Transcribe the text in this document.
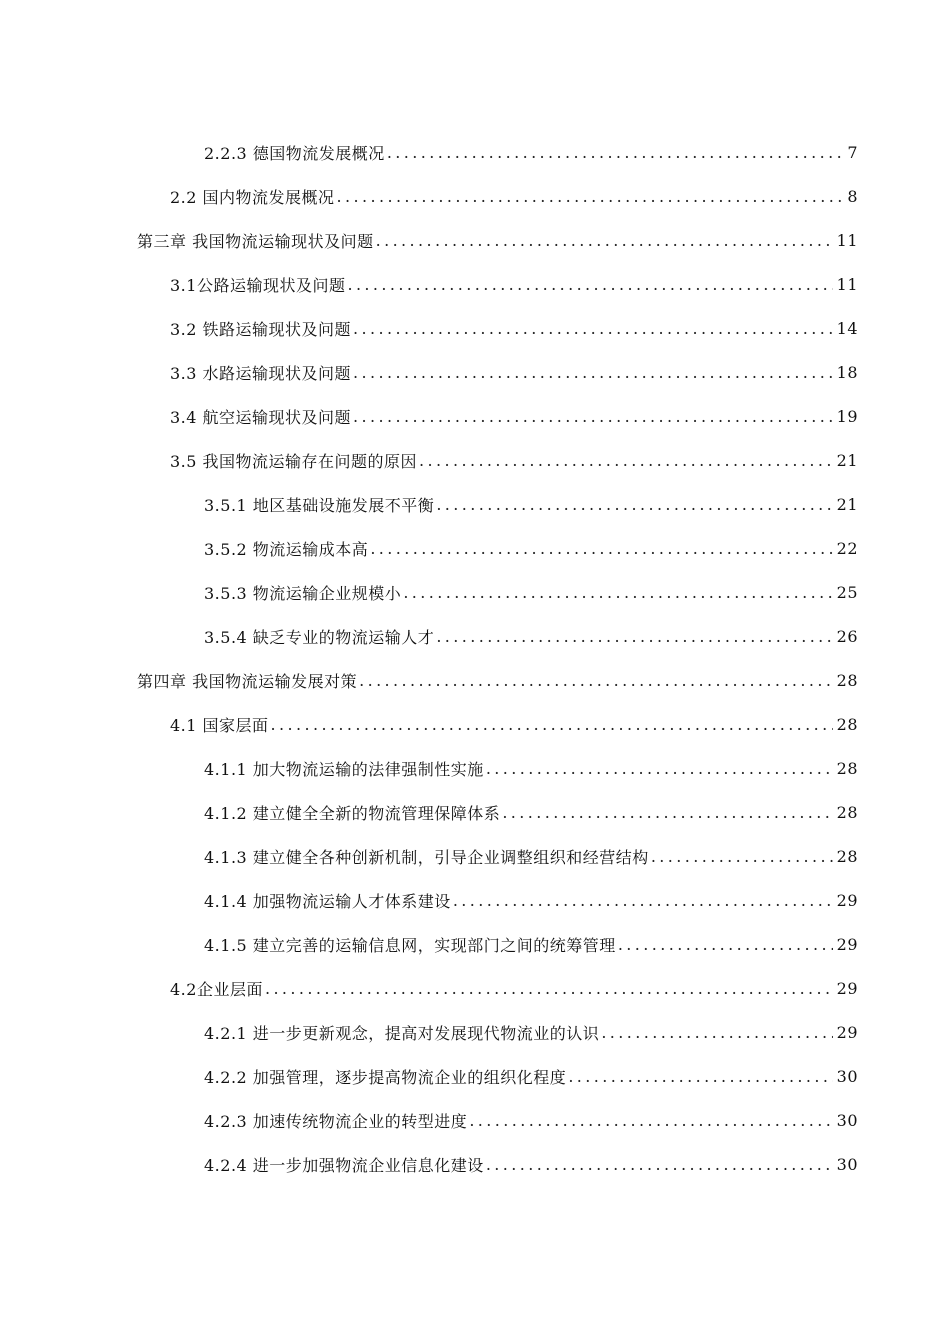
2.2.3 德国物流发展概况 .....	7
2.2 国内物流发展概况 .....	8
第三章 我国物流运输现状及问题 .....	11
3.1公路运输现状及问题 .....	11
3.2 铁路运输现状及问题 .....	14
3.3 水路运输现状及问题 .....	18
3.4 航空运输现状及问题 .....	19
3.5 我国物流运输存在问题的原因 .....	21
3.5.1 地区基础设施发展不平衡 .....	21
3.5.2 物流运输成本高 .....	22
3.5.3 物流运输企业规模小 .....	25
3.5.4 缺乏专业的物流运输人才 .....	26
第四章 我国物流运输发展对策 .....	28
4.1 国家层面 .....	28
4.1.1 加大物流运输的法律强制性实施 .....	28
4.1.2 建立健全全新的物流管理保障体系 .....	28
4.1.3 建立健全各种创新机制，引导企业调整组织和经营结构 .....	28
4.1.4 加强物流运输人才体系建设 .....	29
4.1.5 建立完善的运输信息网，实现部门之间的统筹管理 .....	29
4.2企业层面 .....	29
4.2.1 进一步更新观念，提高对发展现代物流业的认识 .....	29
4.2.2 加强管理，逐步提高物流企业的组织化程度 .....	30
4.2.3 加速传统物流企业的转型进度 .....	30
4.2.4 进一步加强物流企业信息化建设 .....	30
